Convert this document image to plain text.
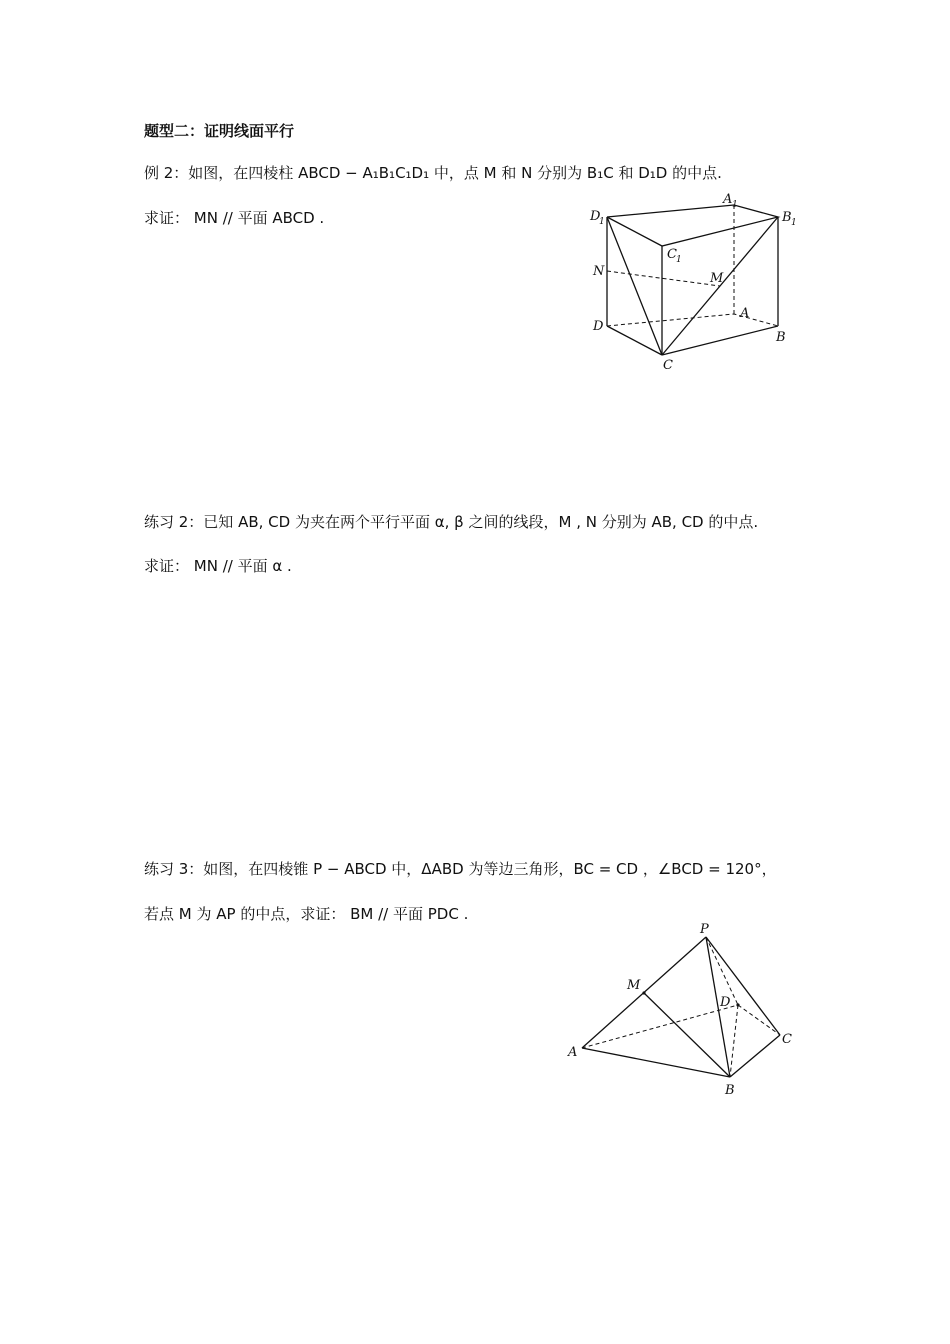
题型二：证明线面平行
例 2：如图，在四棱柱 ABCD − A₁B₁C₁D₁ 中，点 M 和 N 分别为 B₁C 和 D₁D 的中点.
求证： MN // 平面 ABCD .	D
1
A 1
B 1
C 1
N	M
A
D
B
C
练习 2：已知 AB, CD 为夹在两个平行平面 α, β 之间的线段，M , N 分别为 AB, CD 的中点.
求证： MN // 平面 α .
练习 3：如图，在四棱锥 P − ABCD 中，ΔABD 为等边三角形，BC = CD ，∠BCD = 120°，
若点 M 为 AP 的中点，求证： BM // 平面 PDC .
P
M
D
C
A
B
